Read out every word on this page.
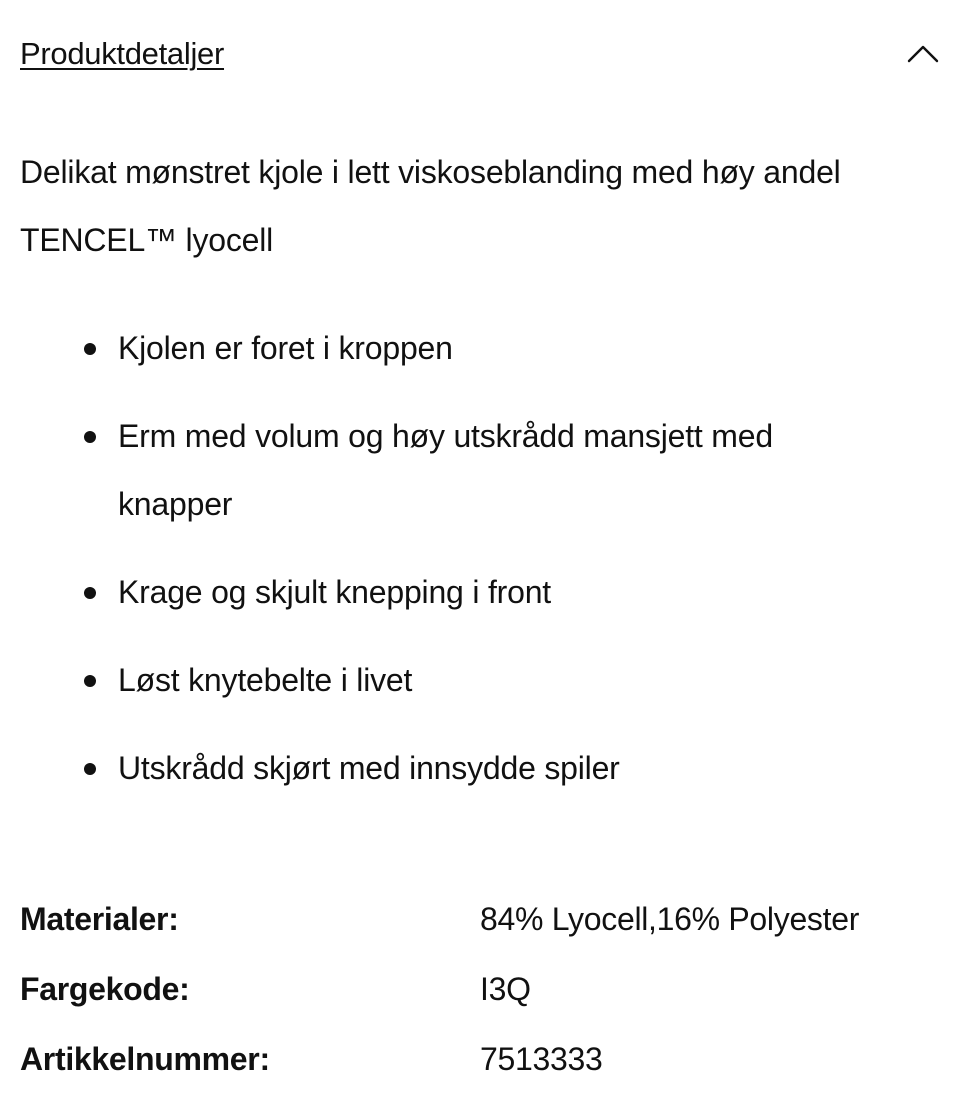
Produktdetaljer

Delikat mønstret kjole i lett viskoseblanding med høy andel
TENCEL™ lyocell

Kjolen er foret i kroppen
Erm med volum og høy utskrådd mansjett med knapper
Krage og skjult knepping i front
Løst knytebelte i livet
Utskrådd skjørt med innsydde spiler
Materialer:	84% Lyocell,16% Polyester
Fargekode:	I3Q
Artikkelnummer:	7513333
